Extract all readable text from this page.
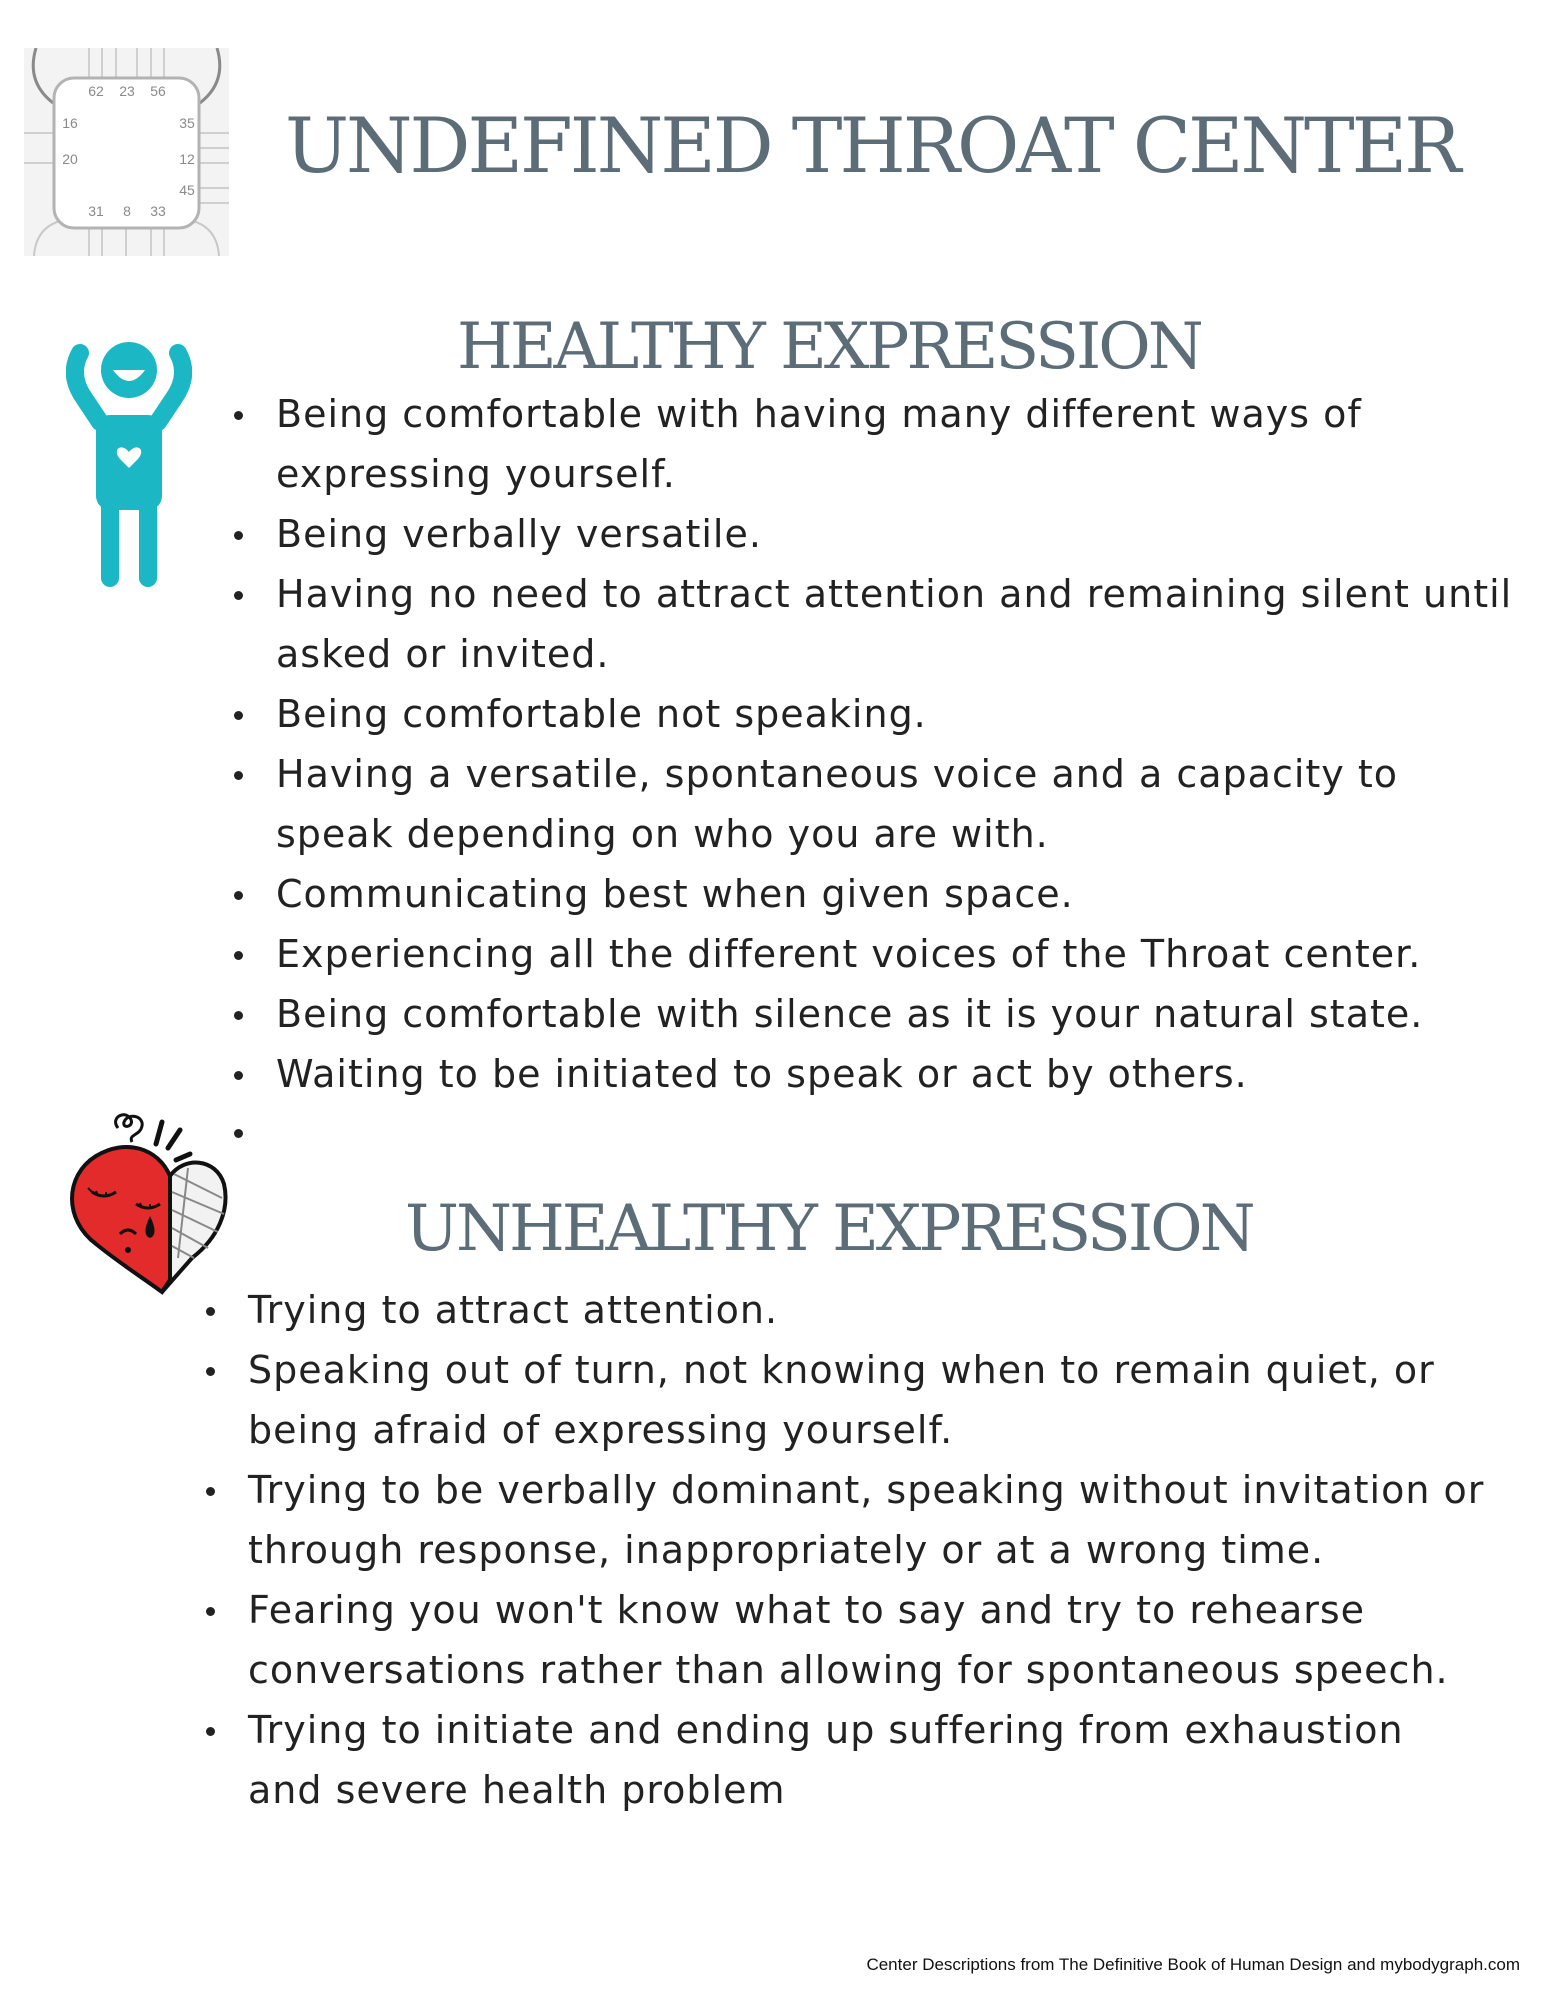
62 23 56
16	35
20	12
45
31 8 33
UNDEFINED THROAT CENTER
HEALTHY EXPRESSION
Being comfortable with having many different ways of
expressing yourself.
Being verbally versatile.
Having no need to attract attention and remaining silent until
asked or invited.
Being comfortable not speaking.
Having a versatile, spontaneous voice and a capacity to
speak depending on who you are with.
Communicating best when given space.
Experiencing all the different voices of the Throat center.
Being comfortable with silence as it is your natural state.
Waiting to be initiated to speak or act by others.
UNHEALTHY EXPRESSION
Trying to attract attention.
Speaking out of turn, not knowing when to remain quiet, or
being afraid of expressing yourself.
Trying to be verbally dominant, speaking without invitation or
through response, inappropriately or at a wrong time.
Fearing you won't know what to say and try to rehearse
conversations rather than allowing for spontaneous speech.
Trying to initiate and ending up suffering from exhaustion
and severe health problem
Center Descriptions from The Definitive Book of Human Design and mybodygraph.com
